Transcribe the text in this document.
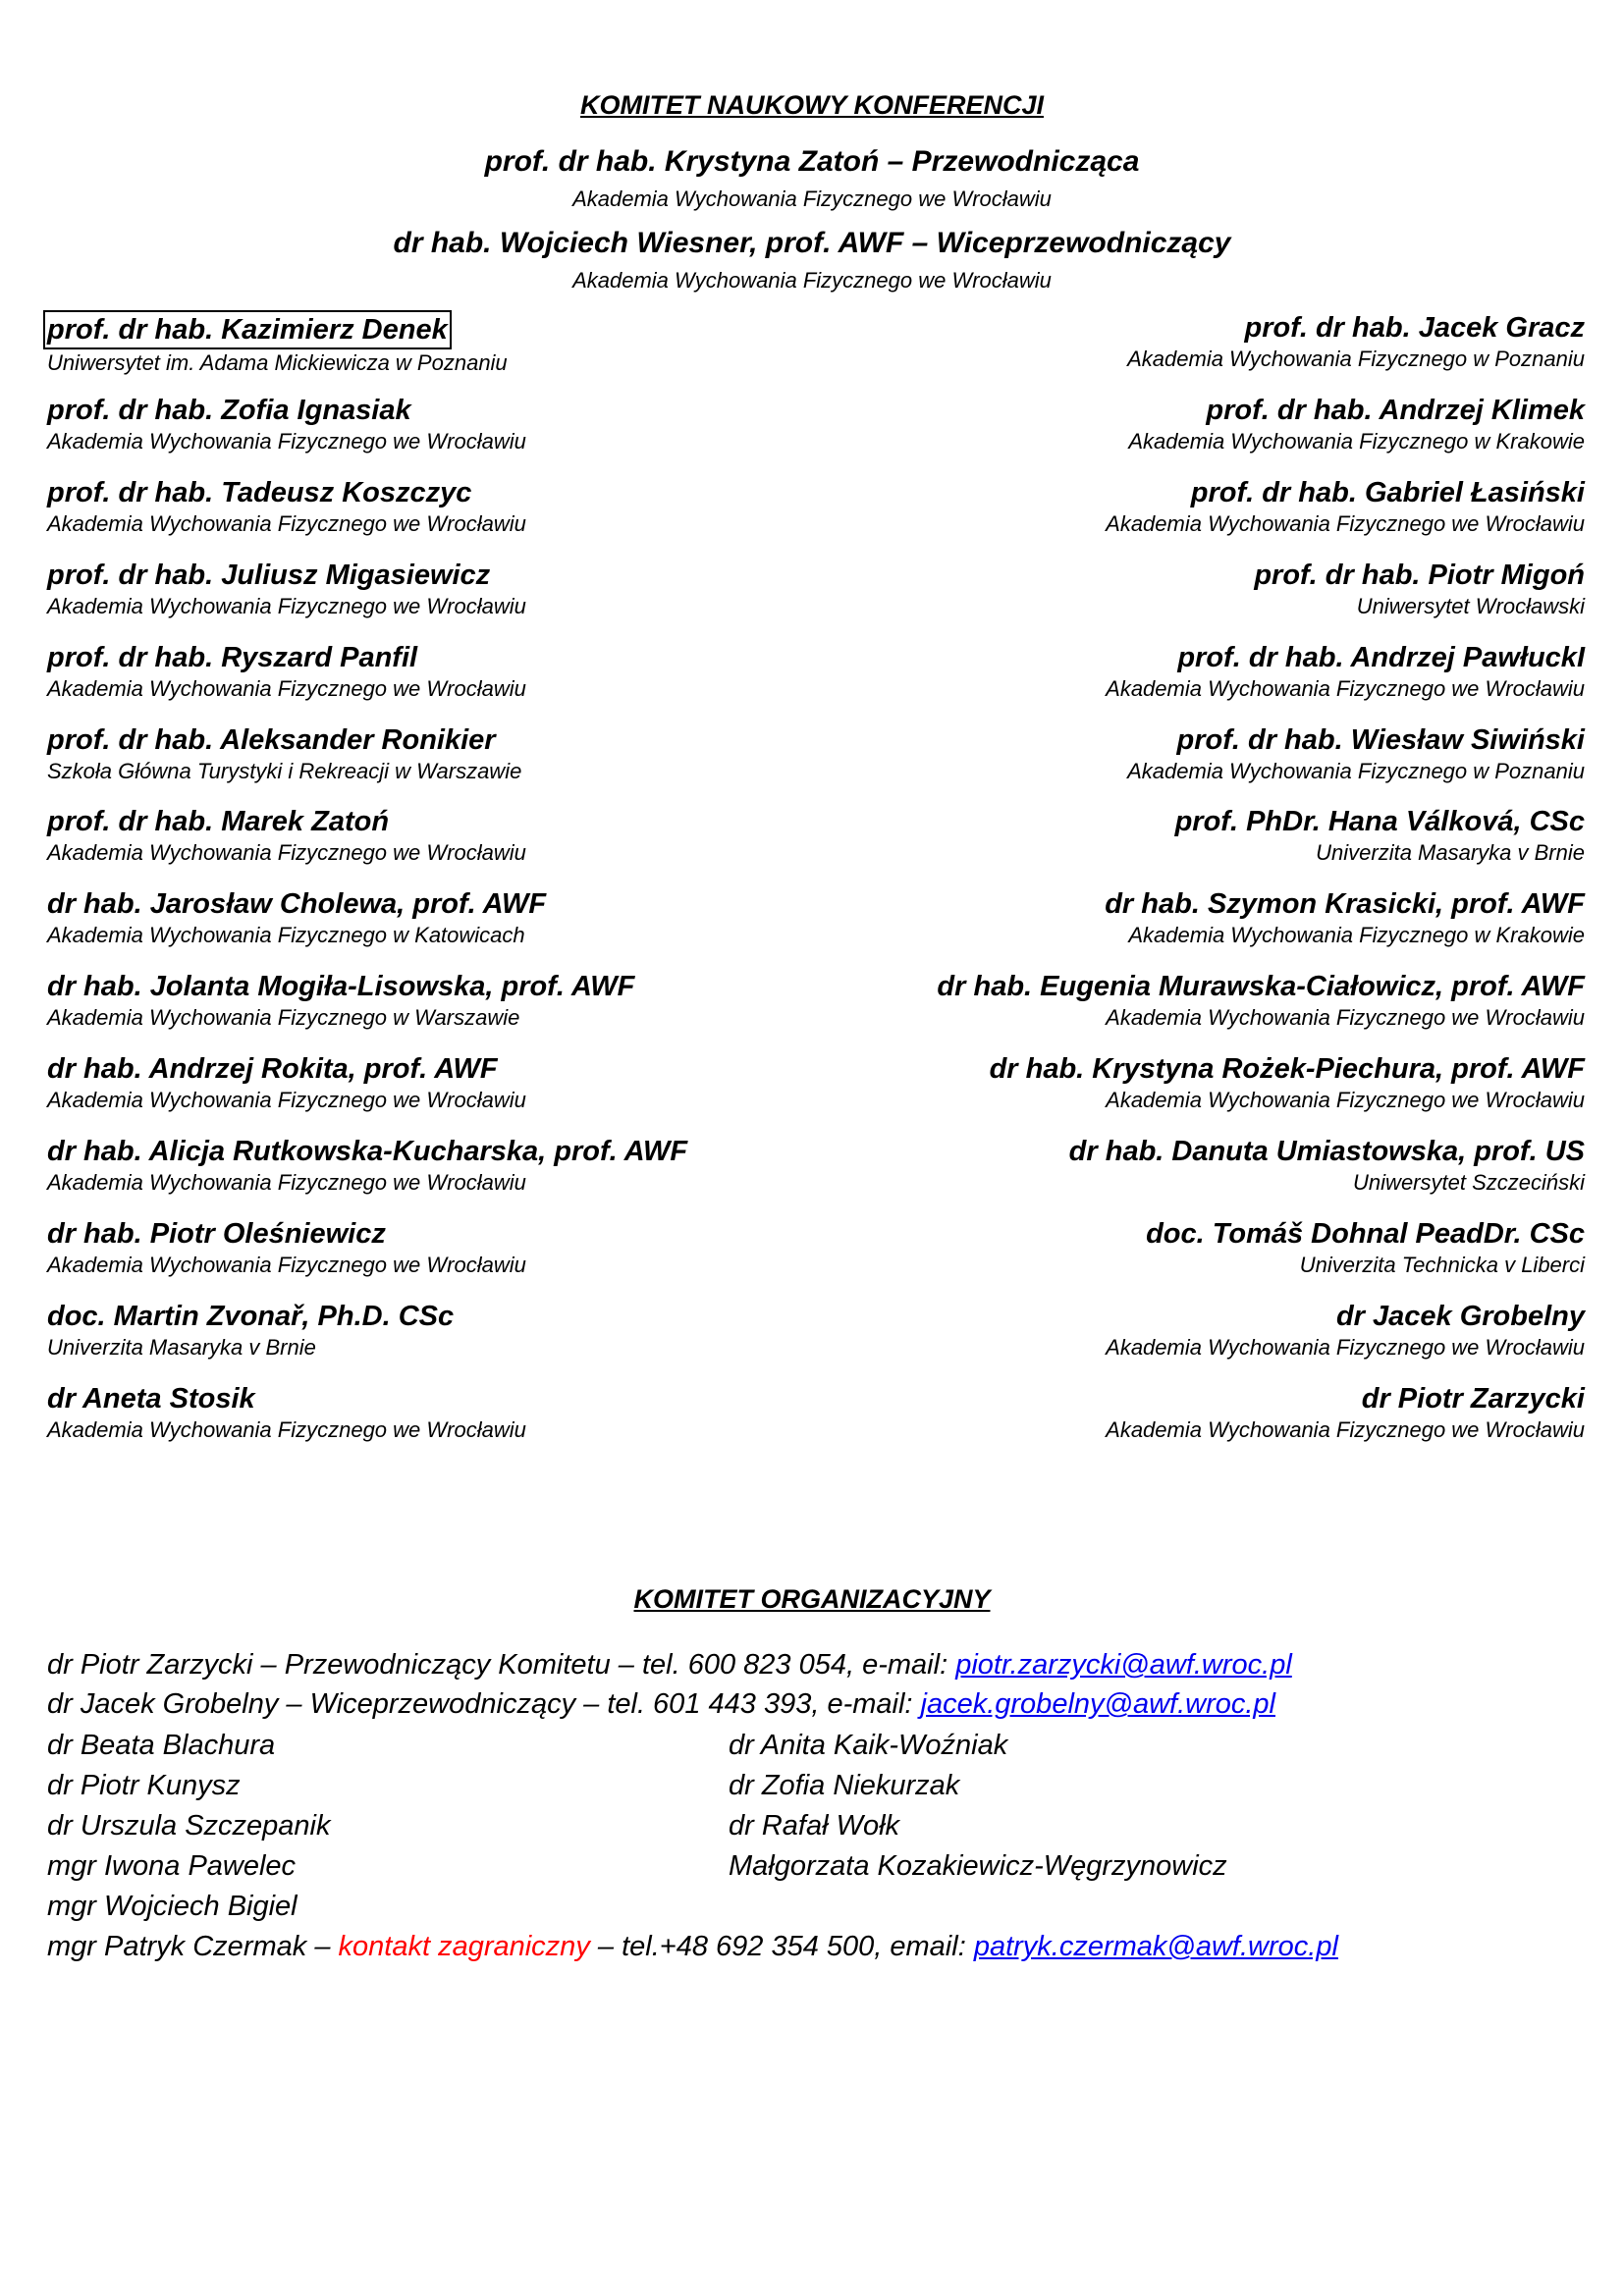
KOMITET NAUKOWY KONFERENCJI
prof. dr hab. Krystyna Zatoń – Przewodnicząca
Akademia Wychowania Fizycznego we Wrocławiu
dr hab. Wojciech Wiesner, prof. AWF – Wiceprzewodniczący
Akademia Wychowania Fizycznego we Wrocławiu
prof. dr hab. Kazimierz Denek
Uniwersytet im. Adama Mickiewicza w Poznaniu
prof. dr hab. Zofia Ignasiak
Akademia Wychowania Fizycznego we Wrocławiu
prof. dr hab. Tadeusz Koszczyc
Akademia Wychowania Fizycznego we Wrocławiu
prof. dr hab. Juliusz Migasiewicz
Akademia Wychowania Fizycznego we Wrocławiu
prof. dr hab. Ryszard Panfil
Akademia Wychowania Fizycznego we Wrocławiu
prof. dr hab. Aleksander Ronikier
Szkoła Główna Turystyki i Rekreacji w Warszawie
prof. dr hab. Marek Zatoń
Akademia Wychowania Fizycznego we Wrocławiu
dr hab. Jarosław Cholewa, prof. AWF
Akademia Wychowania Fizycznego w Katowicach
dr hab. Jolanta Mogiła-Lisowska, prof. AWF
Akademia Wychowania Fizycznego w Warszawie
dr hab. Andrzej Rokita, prof. AWF
Akademia Wychowania Fizycznego we Wrocławiu
dr hab. Alicja Rutkowska-Kucharska, prof. AWF
Akademia Wychowania Fizycznego we Wrocławiu
dr hab. Piotr Oleśniewicz
Akademia Wychowania Fizycznego we Wrocławiu
doc. Martin Zvonař, Ph.D. CSc
Univerzita Masaryka v Brnie
dr Aneta Stosik
Akademia Wychowania Fizycznego we Wrocławiu
prof. dr hab. Jacek Gracz
Akademia Wychowania Fizycznego w Poznaniu
prof. dr hab. Andrzej Klimek
Akademia Wychowania Fizycznego w Krakowie
prof. dr hab. Gabriel Łasiński
Akademia Wychowania Fizycznego we Wrocławiu
prof. dr hab. Piotr Migoń
Uniwersytet Wrocławski
prof. dr hab. Andrzej PawłuckI
Akademia Wychowania Fizycznego we Wrocławiu
prof. dr hab. Wiesław Siwiński
Akademia Wychowania Fizycznego w Poznaniu
prof. PhDr. Hana Válková, CSc
Univerzita Masaryka v Brnie
dr hab. Szymon Krasicki, prof. AWF
Akademia Wychowania Fizycznego w Krakowie
dr hab. Eugenia Murawska-Ciałowicz, prof. AWF
Akademia Wychowania Fizycznego we Wrocławiu
dr hab. Krystyna Rożek-Piechura, prof. AWF
Akademia Wychowania Fizycznego we Wrocławiu
dr hab. Danuta Umiastowska, prof. US
Uniwersytet Szczeciński
doc. Tomáš Dohnal PeadDr. CSc
Univerzita Technicka v Liberci
dr Jacek Grobelny
Akademia Wychowania Fizycznego we Wrocławiu
dr Piotr Zarzycki
Akademia Wychowania Fizycznego we Wrocławiu
KOMITET ORGANIZACYJNY
dr Piotr Zarzycki – Przewodniczący Komitetu – tel. 600 823 054, e-mail: piotr.zarzycki@awf.wroc.pl
dr Jacek Grobelny – Wiceprzewodniczący – tel. 601 443 393, e-mail: jacek.grobelny@awf.wroc.pl
dr Beata Blachura
dr Piotr Kunysz
dr Urszula Szczepanik
mgr Iwona Pawelec
mgr Wojciech Bigiel
dr Anita Kaik-Woźniak
dr Zofia Niekurzak
dr Rafał Wołk
Małgorzata Kozakiewicz-Węgrzynowicz
mgr Patryk Czermak – kontakt zagraniczny – tel.+48 692 354 500, email: patryk.czermak@awf.wroc.pl
